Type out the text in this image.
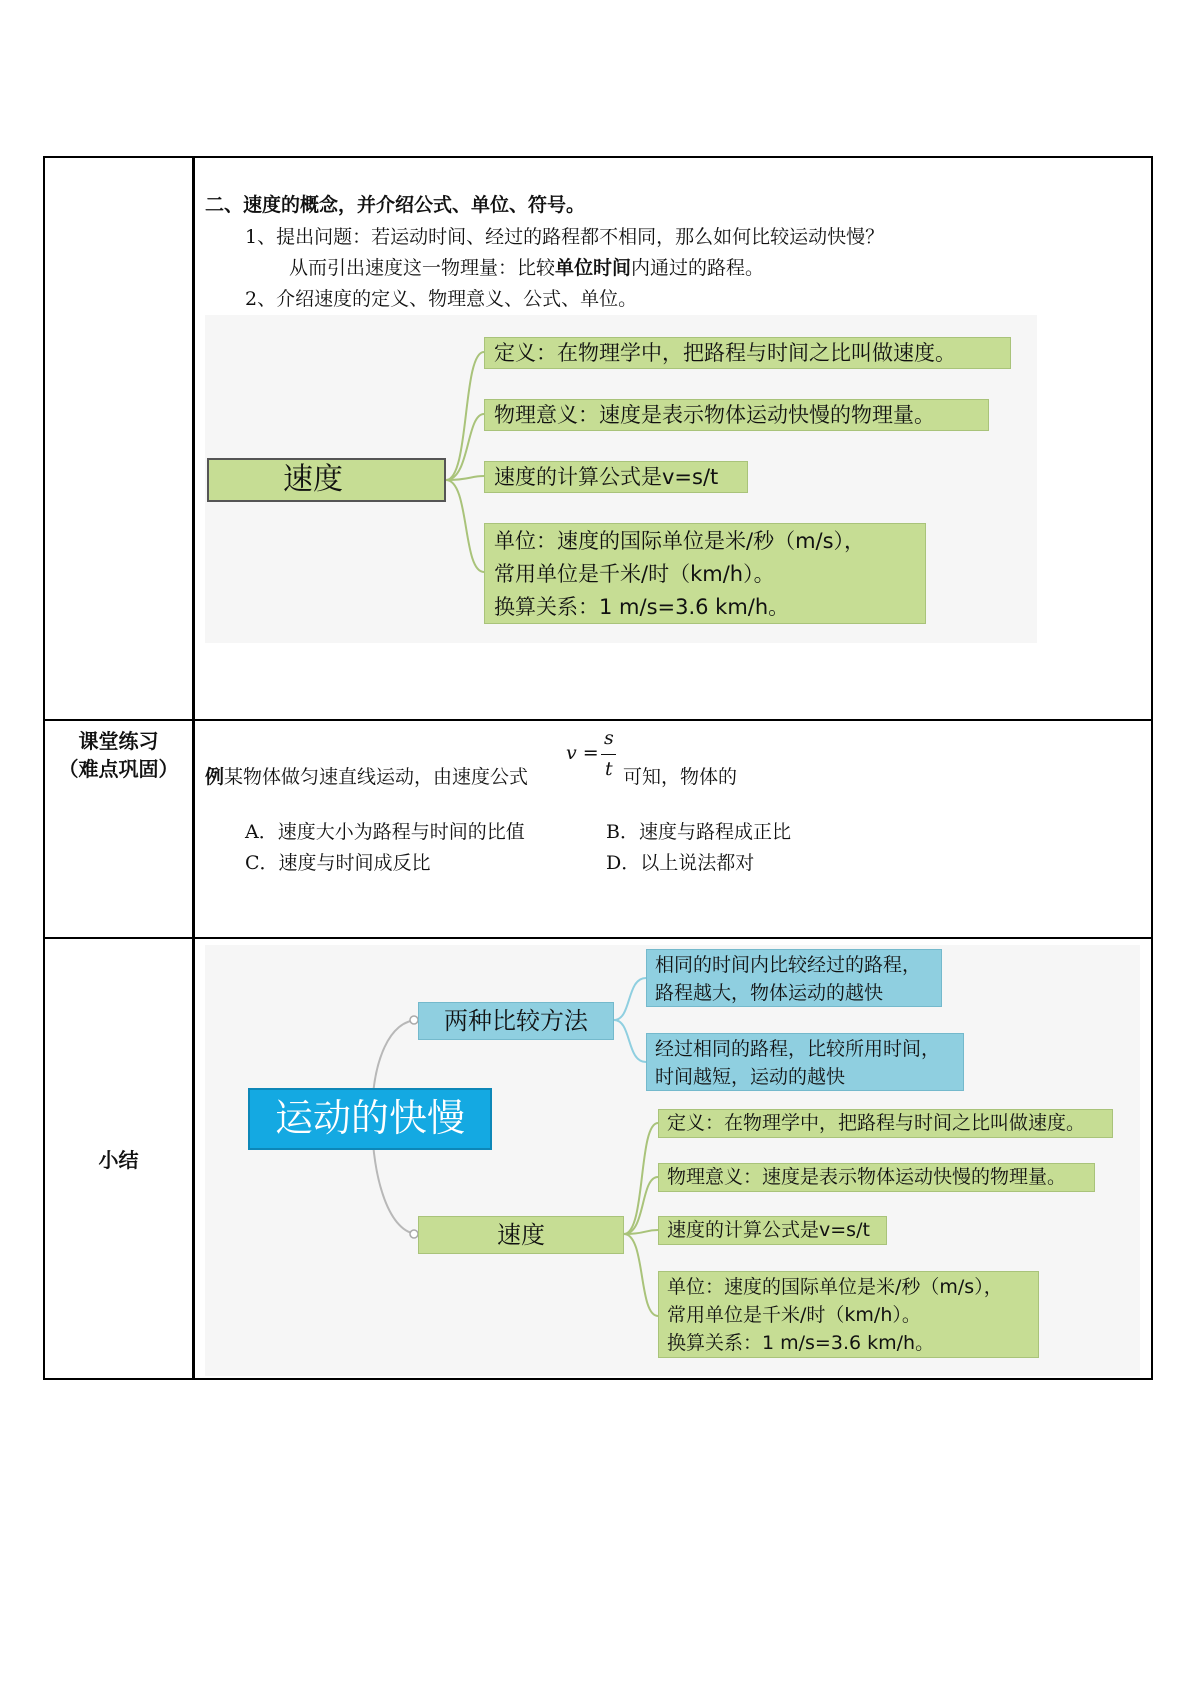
二、速度的概念，并介绍公式、单位、符号。
1、提出问题：若运动时间、经过的路程都不相同，那么如何比较运动快慢？
从而引出速度这一物理量：比较单位时间内通过的路程。
2、介绍速度的定义、物理意义、公式、单位。
速度
定义：在物理学中，把路程与时间之比叫做速度。
物理意义：速度是表示物体运动快慢的物理量。
速度的计算公式是v=s/t
单位：速度的国际单位是米/秒（m/s），
常用单位是千米/时（km/h）。
换算关系：1 m/s=3.6 km/h。
课堂练习
（难点巩固）	例某物体做匀速直线运动，由速度公式
v =
s
t 可知，物体的
A．速度大小为路程与时间的比值	B．速度与路程成正比
C．速度与时间成反比	D．以上说法都对
小结
运动的快慢
两种比较方法
相同的时间内比较经过的路程，
路程越大，物体运动的越快
经过相同的路程，比较所用时间，
时间越短，运动的越快
速度
定义：在物理学中，把路程与时间之比叫做速度。
物理意义：速度是表示物体运动快慢的物理量。
速度的计算公式是v=s/t
单位：速度的国际单位是米/秒（m/s），
常用单位是千米/时（km/h）。
换算关系：1 m/s=3.6 km/h。
